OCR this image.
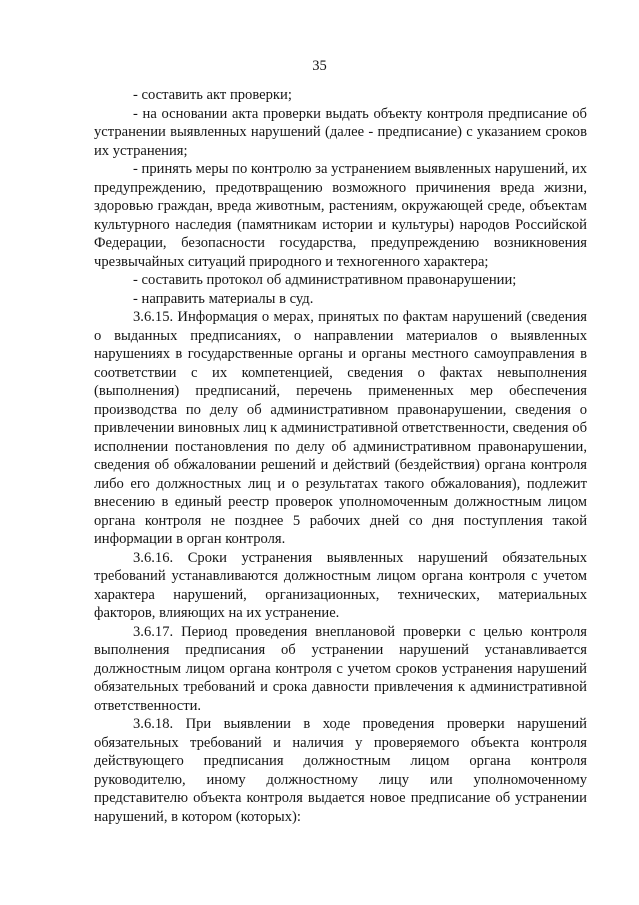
35

- составить акт проверки;

- на основании акта проверки выдать объекту контроля предписание об устранении выявленных нарушений (далее - предписание) с указанием сроков их устранения;

- принять меры по контролю за устранением выявленных нарушений, их предупреждению, предотвращению возможного причинения вреда жизни, здоровью граждан, вреда животным, растениям, окружающей среде, объектам культурного наследия (памятникам истории и культуры) народов Российской Федерации, безопасности государства, предупреждению возникновения чрезвычайных ситуаций природного и техногенного характера;

- составить протокол об административном правонарушении;

- направить материалы в суд.

3.6.15. Информация о мерах, принятых по фактам нарушений (сведения о выданных предписаниях, о направлении материалов о выявленных нарушениях в государственные органы и органы местного самоуправления в соответствии с их компетенцией, сведения о фактах невыполнения (выполнения) предписаний, перечень примененных мер обеспечения производства по делу об административном правонарушении, сведения о привлечении виновных лиц к административной ответственности, сведения об исполнении постановления по делу об административном правонарушении, сведения об обжаловании решений и действий (бездействия) органа контроля либо его должностных лиц и о результатах такого обжалования), подлежит внесению в единый реестр проверок уполномоченным должностным лицом органа контроля не позднее 5 рабочих дней со дня поступления такой информации в орган контроля.

3.6.16. Сроки устранения выявленных нарушений обязательных требований устанавливаются должностным лицом органа контроля с учетом характера нарушений, организационных, технических, материальных факторов, влияющих на их устранение.

3.6.17. Период проведения внеплановой проверки с целью контроля выполнения предписания об устранении нарушений устанавливается должностным лицом органа контроля с учетом сроков устранения нарушений обязательных требований и срока давности привлечения к административной ответственности.

3.6.18. При выявлении в ходе проведения проверки нарушений обязательных требований и наличия у проверяемого объекта контроля действующего предписания должностным лицом органа контроля руководителю, иному должностному лицу или уполномоченному представителю объекта контроля выдается новое предписание об устранении нарушений, в котором (которых):
